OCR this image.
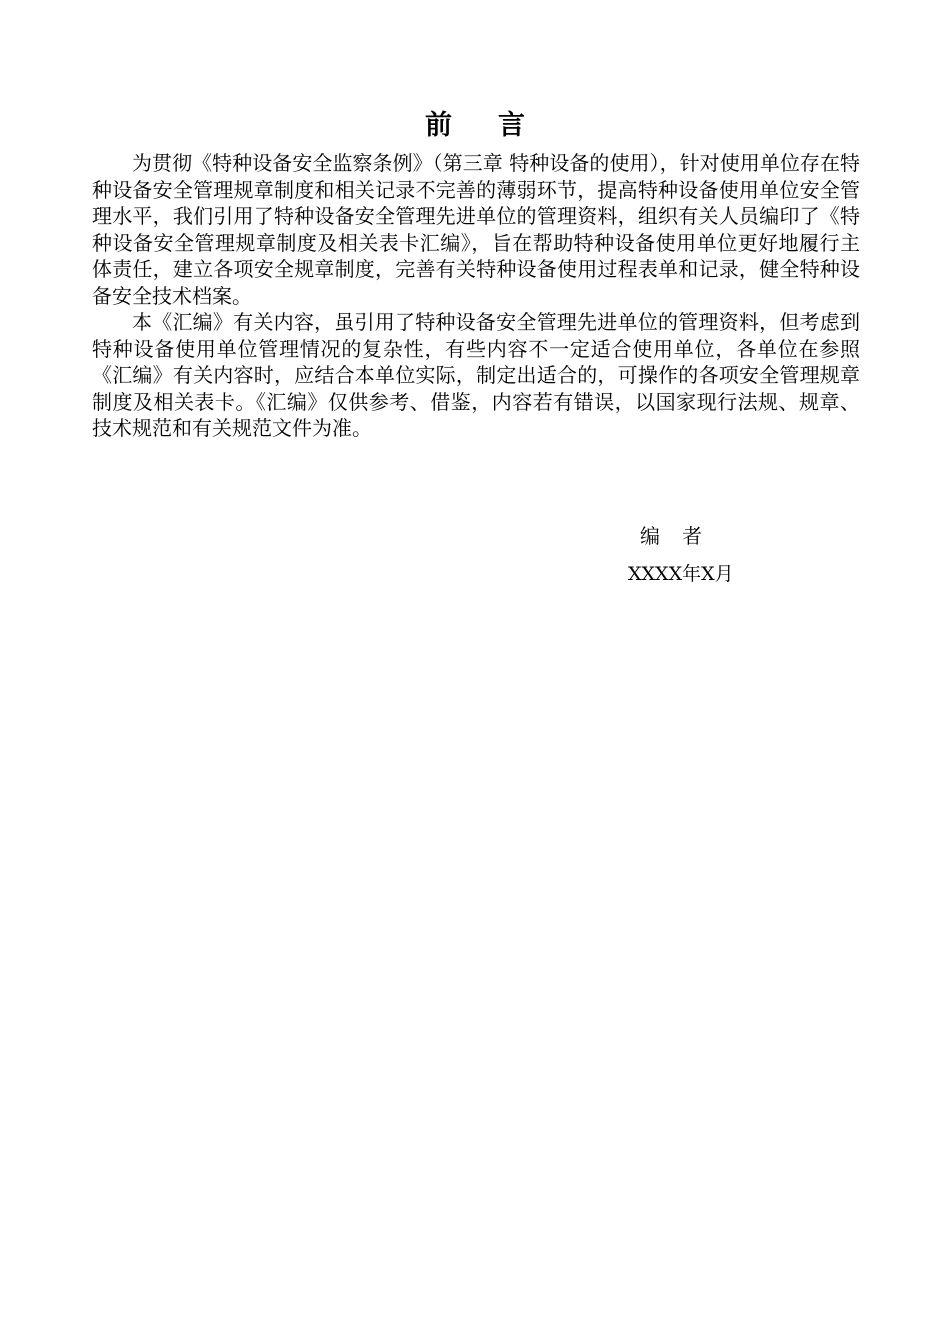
前言

为贯彻《特种设备安全监察条例》（第三章 特种设备的使用），针对使用单位存在特种设备安全管理规章制度和相关记录不完善的薄弱环节，提高特种设备使用单位安全管理水平，我们引用了特种设备安全管理先进单位的管理资料，组织有关人员编印了《特种设备安全管理规章制度及相关表卡汇编》，旨在帮助特种设备使用单位更好地履行主体责任，建立各项安全规章制度，完善有关特种设备使用过程表单和记录，健全特种设备安全技术档案。

本《汇编》有关内容，虽引用了特种设备安全管理先进单位的管理资料，但考虑到特种设备使用单位管理情况的复杂性，有些内容不一定适合使用单位，各单位在参照《汇编》有关内容时，应结合本单位实际，制定出适合的，可操作的各项安全管理规章制度及相关表卡。《汇编》仅供参考、借鉴，内容若有错误，以国家现行法规、规章、技术规范和有关规范文件为准。

编者
XXXX年X月
